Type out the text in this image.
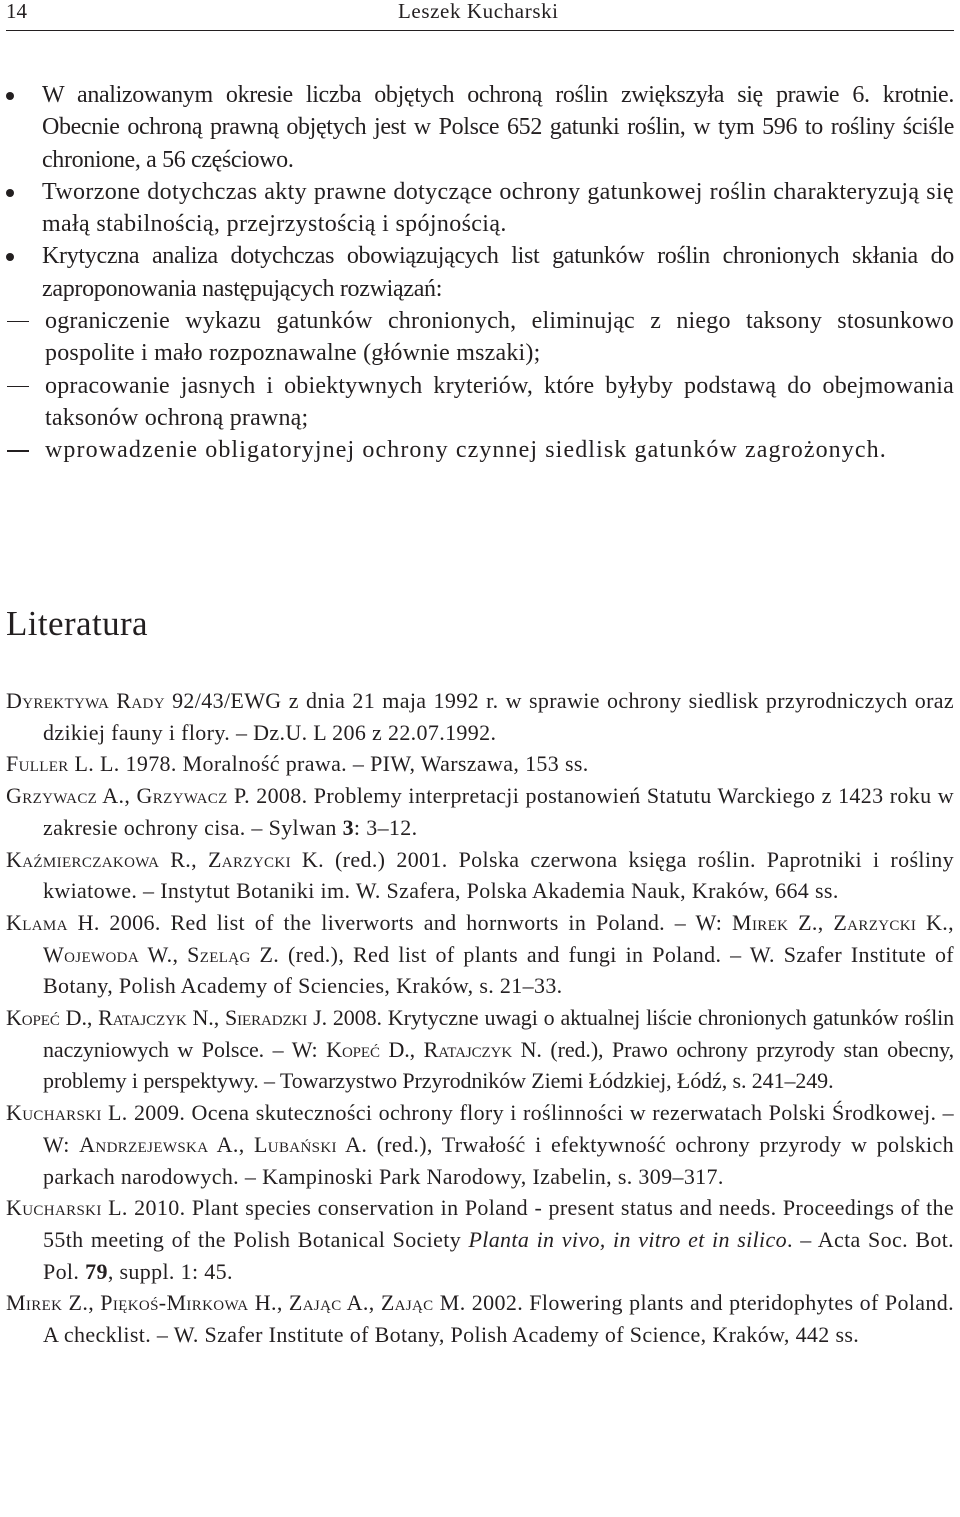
14	Leszek Kucharski
W analizowanym okresie liczba objętych ochroną roślin zwiększyła się prawie 6. krotnie. Obecnie ochroną prawną objętych jest w Polsce 652 gatunki roślin, w tym 596 to rośliny ściśle chronione, a 56 częściowo.
Tworzone dotychczas akty prawne dotyczące ochrony gatunkowej roślin charakteryzują się małą stabilnością, przejrzystością i spójnością.
Krytyczna analiza dotychczas obowiązujących list gatunków roślin chronionych skłania do zaproponowania następujących rozwiązań:
ograniczenie wykazu gatunków chronionych, eliminując z niego taksony stosunkowo pospolite i mało rozpoznawalne (głównie mszaki);
opracowanie jasnych i obiektywnych kryteriów, które byłyby podstawą do obejmowania taksonów ochroną prawną;
wprowadzenie obligatoryjnej ochrony czynnej siedlisk gatunków zagrożonych.
Literatura
Dyrektywa Rady 92/43/EWG z dnia 21 maja 1992 r. w sprawie ochrony siedlisk przyrodniczych oraz dzikiej fauny i flory. – Dz.U. L 206 z 22.07.1992.
Fuller L. L. 1978. Moralność prawa. – PIW, Warszawa, 153 ss.
Grzywacz A., Grzywacz P. 2008. Problemy interpretacji postanowień Statutu Warckiego z 1423 roku w zakresie ochrony cisa. – Sylwan 3: 3–12.
Kaźmierczakowa R., Zarzycki K. (red.) 2001. Polska czerwona księga roślin. Paprotniki i rośliny kwiatowe. – Instytut Botaniki im. W. Szafera, Polska Akademia Nauk, Kraków, 664 ss.
Klama H. 2006. Red list of the liverworts and hornworts in Poland. – W: Mirek Z., Zarzycki K., Wojewoda W., Szeląg Z. (red.), Red list of plants and fungi in Poland. – W. Szafer Institute of Botany, Polish Academy of Sciencies, Kraków, s. 21–33.
Kopeć D., Ratajczyk N., Sieradzki J. 2008. Krytyczne uwagi o aktualnej liście chronionych gatunków roślin naczyniowych w Polsce. – W: Kopeć D., Ratajczyk N. (red.), Prawo ochrony przyrody stan obecny, problemy i perspektywy. – Towarzystwo Przyrodników Ziemi Łódzkiej, Łódź, s. 241–249.
Kucharski L. 2009. Ocena skuteczności ochrony flory i roślinności w rezerwatach Polski Środkowej. – W: Andrzejewska A., Lubański A. (red.), Trwałość i efektywność ochrony przyrody w polskich parkach narodowych. – Kampinoski Park Narodowy, Izabelin, s. 309–317.
Kucharski L. 2010. Plant species conservation in Poland - present status and needs. Proceedings of the 55th meeting of the Polish Botanical Society Planta in vivo, in vitro et in silico. – Acta Soc. Bot. Pol. 79, suppl. 1: 45.
Mirek Z., Piękoś-Mirkowa H., Zając A., Zając M. 2002. Flowering plants and pteridophytes of Poland. A checklist. – W. Szafer Institute of Botany, Polish Academy of Science, Kraków, 442 ss.
